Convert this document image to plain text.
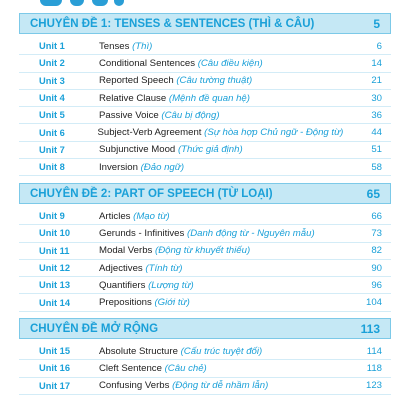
CHUYÊN ĐỀ 1: TENSES & SENTENCES (THÌ & CÂU)	5
Unit 1	Tenses (Thì)	6
Unit 2	Conditional Sentences (Câu điều kiện)	14
Unit 3	Reported Speech (Câu tường thuật)	21
Unit 4	Relative Clause (Mệnh đề quan hệ)	30
Unit 5	Passive Voice (Câu bị động)	36
Unit 6	Subject-Verb Agreement (Sự hòa hợp Chủ ngữ - Động từ)	44
Unit 7	Subjunctive Mood (Thức giả định)	51
Unit 8	Inversion (Đảo ngữ)	58
CHUYÊN ĐỀ 2: PART OF SPEECH (TỪ LOẠI)	65
Unit 9	Articles (Mạo từ)	66
Unit 10	Gerunds - Infinitives (Danh động từ - Nguyên mẫu)	73
Unit 11	Modal Verbs (Động từ khuyết thiếu)	82
Unit 12	Adjectives (Tính từ)	90
Unit 13	Quantifiers (Lượng từ)	96
Unit 14	Prepositions (Giới từ)	104
CHUYÊN ĐỀ MỞ RỘNG	113
Unit 15	Absolute Structure (Cấu trúc tuyệt đối)	114
Unit 16	Cleft Sentence (Câu chẻ)	118
Unit 17	Confusing Verbs (Động từ dễ nhầm lẫn)	123
